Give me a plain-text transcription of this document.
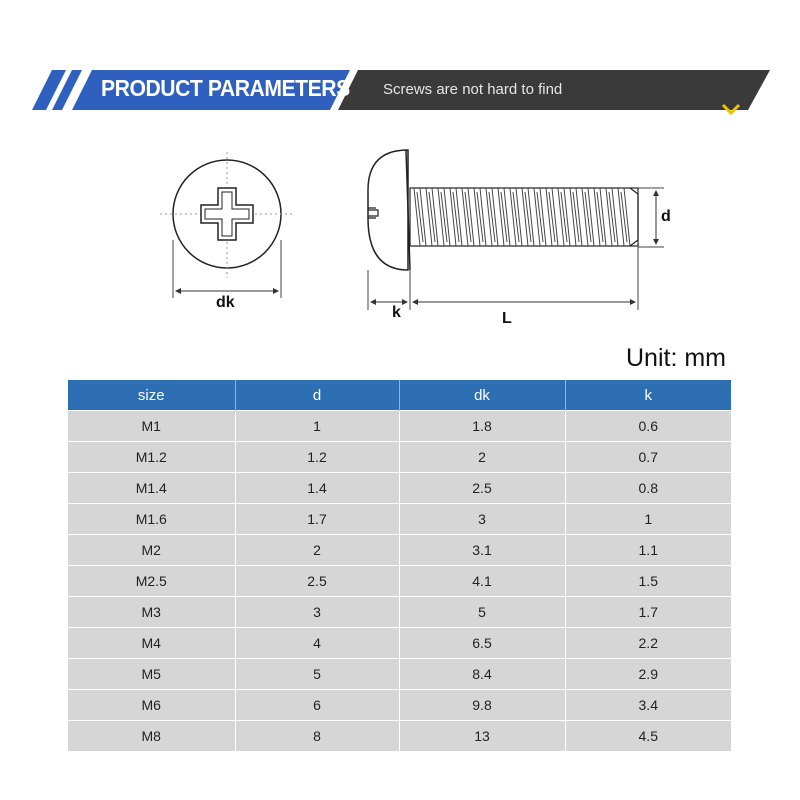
PRODUCT PARAMETERS Screws are not hard to find
dk
k	L
d
Unit: mm
size	d	dk	k
M1	1	1.8	0.6
M1.2	1.2	2	0.7
M1.4	1.4	2.5	0.8
M1.6	1.7	3	1
M2	2	3.1	1.1
M2.5	2.5	4.1	1.5
M3	3	5	1.7
M4	4	6.5	2.2
M5	5	8.4	2.9
M6	6	9.8	3.4
M8	8	13	4.5
